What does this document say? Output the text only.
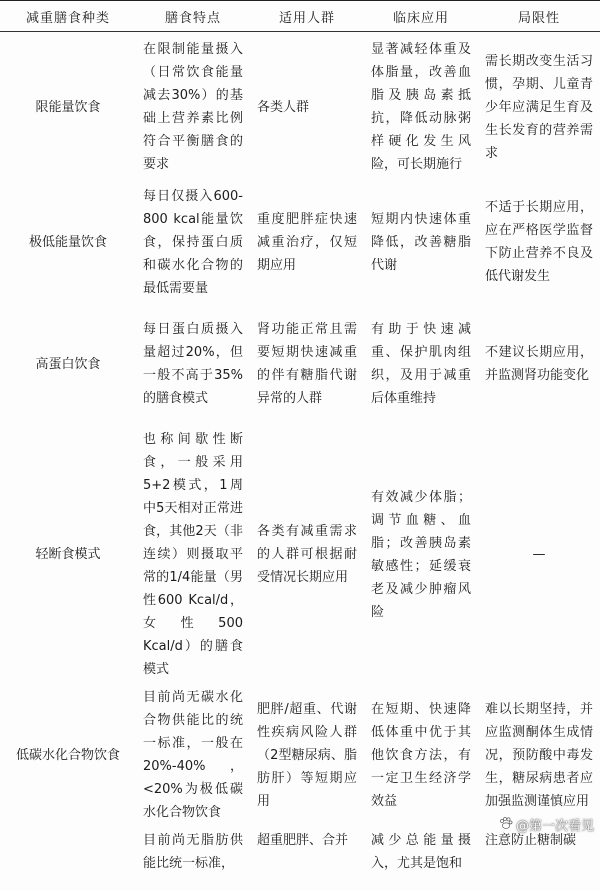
减重膳食种类	膳食特点	适用人群	临床应用	局限性
限能量饮食	在限制能量摄入（日常饮食能量减去30%）的基础上营养素比例符合平衡膳食的要求	各类人群	显著减轻体重及体脂量，改善血脂及胰岛素抵抗，降低动脉粥样硬化发生风险，可长期施行	需长期改变生活习惯，孕期、儿童青少年应满足生育及生长发育的营养需求
极低能量饮食	每日仅摄入600-800 kcal能量饮食，保持蛋白质和碳水化合物的最低需要量	重度肥胖症快速减重治疗，仅短期应用	短期内快速体重降低，改善糖脂代谢	不适于长期应用，应在严格医学监督下防止营养不良及低代谢发生
高蛋白饮食	每日蛋白质摄入量超过20%，但一般不高于35%的膳食模式	肾功能正常且需要短期快速减重的伴有糖脂代谢异常的人群	有助于快速减重、保护肌肉组织，及用于减重后体重维持	不建议长期应用，并监测肾功能变化
轻断食模式	也称间歇性断食，一般采用5+2模式，1周中5天相对正常进食，其他2天（非连续）则摄取平常的1/4能量（男性600 Kcal/d，女性500 Kcal/d）的膳食模式	各类有减重需求的人群可根据耐受情况长期应用	有效减少体脂；调节血糖、血脂；改善胰岛素敏感性；延缓衰老及减少肿瘤风险	—
低碳水化合物饮食	目前尚无碳水化合物供能比的统一标准，一般在20%-40%，<20%为极低碳水化合物饮食	肥胖/超重、代谢性疾病风险人群（2型糖尿病、脂肪肝）等短期应用	在短期、快速降低体重中优于其他饮食方法，有一定卫生经济学效益	难以长期坚持，并应监测酮体生成情况，预防酸中毒发生，糖尿病患者应加强监测谨慎应用
	目前尚无脂肪供能比统一标准，	超重肥胖、合并	减少总能量摄入，尤其是饱和	注意防止糖制碳
@第一次看见
